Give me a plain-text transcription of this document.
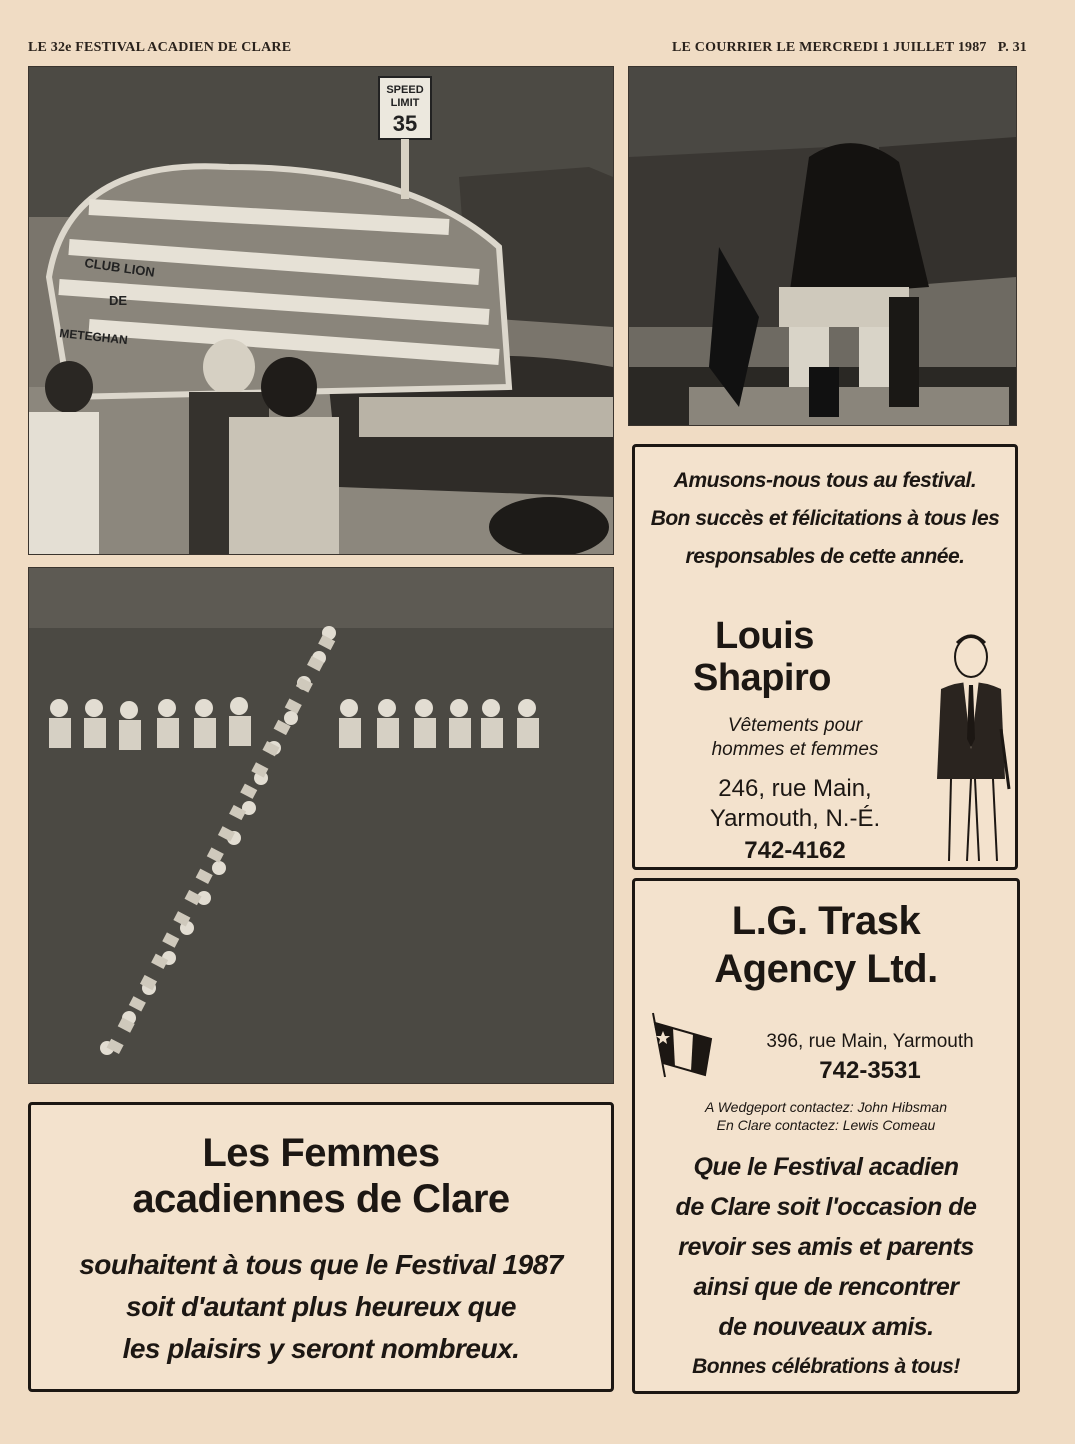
LE 32e FESTIVAL ACADIEN DE CLARE	LE COURRIER LE MERCREDI 1 JUILLET 1987   P. 31
SPEED
LIMIT
35
CLUB LION
DE
METEGHAN
Amusons-nous tous au festival.
Bon succès et félicitations à tous les
responsables de cette année.
Louis
Shapiro
Vêtements pour
hommes et femmes
246, rue Main,
Yarmouth, N.-É.
742-4162
L.G. Trask
Agency Ltd.
396, rue Main, Yarmouth
742-3531
A Wedgeport contactez: John Hibsman
En Clare contactez: Lewis Comeau
Que le Festival acadien
de Clare soit l'occasion de
revoir ses amis et parents
ainsi que de rencontrer
de nouveaux amis.
Bonnes célébrations à tous!
Les Femmes
acadiennes de Clare
souhaitent à tous que le Festival 1987
soit d'autant plus heureux que
les plaisirs y seront nombreux.
